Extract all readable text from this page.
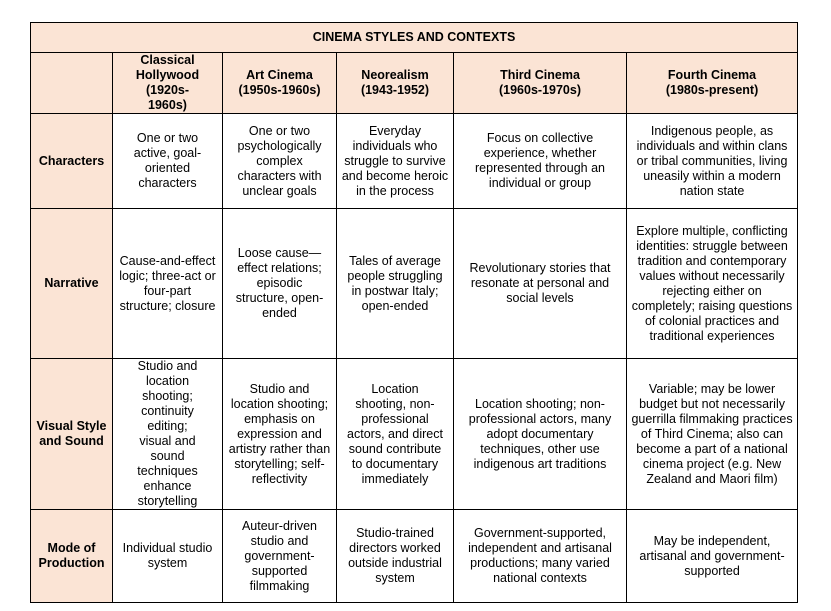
CINEMA STYLES AND CONTEXTS					
	Classical Hollywood (1920s-1960s)	Art Cinema (1950s-1960s)	Neorealism (1943-1952)	Third Cinema (1960s-1970s)	Fourth Cinema (1980s-present)
Characters	One or two active, goal-oriented characters	One or two psychologically complex characters with unclear goals	Everyday individuals who struggle to survive and become heroic in the process	Focus on collective experience, whether represented through an individual or group	Indigenous people, as individuals and within clans or tribal communities, living uneasily within a modern nation state
Narrative	Cause-and-effect logic; three-act or four-part structure; closure	Loose cause—effect relations; episodic structure, open-ended	Tales of average people struggling in postwar Italy; open-ended	Revolutionary stories that resonate at personal and social levels	Explore multiple, conflicting identities: struggle between tradition and contemporary values without necessarily rejecting either on completely; raising questions of colonial practices and traditional experiences
Visual Style and Sound	Studio and location shooting; continuity editing; visual and sound techniques enhance storytelling	Studio and location shooting; emphasis on expression and artistry rather than storytelling; self-reflectivity	Location shooting, non-professional actors, and direct sound contribute to documentary immediately	Location shooting; non-professional actors, many adopt documentary techniques, other use indigenous art traditions	Variable; may be lower budget but not necessarily guerrilla filmmaking practices of Third Cinema; also can become a part of a national cinema project (e.g. New Zealand and Maori film)
Mode of Production	Individual studio system	Auteur-driven studio and government-supported filmmaking	Studio-trained directors worked outside industrial system	Government-supported, independent and artisanal productions; many varied national contexts	May be independent, artisanal and government-supported
